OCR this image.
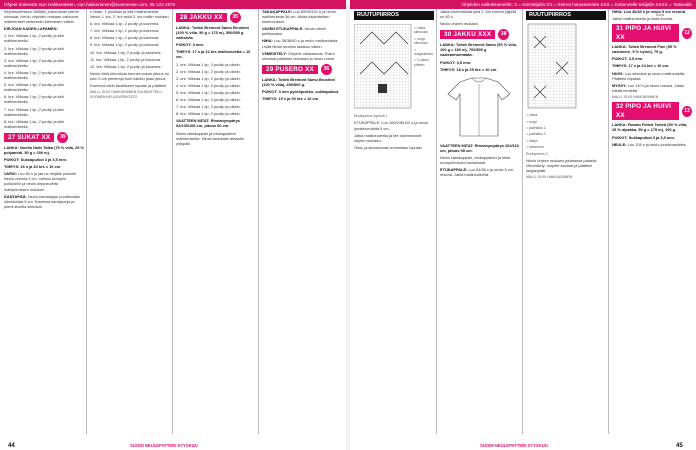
Ohjeet kokeesta Suri Hakkaraisten, suri.hakkarainen@suomenae.com, 05 123 1976	Ohjeiden selitoksumerkit: X = Kiertotijeliä XX = Kierrot harastamette XXX = Kokeneelle tekijälle XXXX = Taitavalle

Kirjoneuleeseen välilläsi, joista toiset pienet silmukat. Neulo ohjeiden mukaan vaihtuvat mallineuleet seitsemän kierroksen välein.

KIRJOAN KADEN LAPAMEN:

1. krs: Vilkkaa 1 kp, 2 puolip ja sitä mallineuleella.

2. krs: Vilkkaa 1 kp, 2 puolip ja sitä mallineuleella.

3. krs: Vilkkaa 1 kp, 2 puolip ja sitä mallineuleella.

4. krs: Vilkkaa 1 kp, 2 puolip ja sitä mallineuleella.

5. krs: Vilkkaa 1 kp, 2 puolip ja sitä mallineuleella.

6. krs: Vilkkaa 1 kp, 2 puolip ja sitä mallineuleella.

7. krs: Vilkkaa 1 kp, 2 puolip ja sitä mallineuleella.

8. krs: Vilkkaa 1 kp, 2 puolip ja sitä mallineuleella.

27 SUKAT XX	39

LANKA: Novita Nalle Taika (75 % villa, 25 % polyamidi, 50 g = 200 m).

PUIKOT: Sukkapuikot 3 ja 3,5 mm.

TIHEYS: 26 s ja 34 krs = 10 cm.

VARSI: Luo 60 s ja jaa ne neljälle puikolle. Neulo resoria 3 cm. Vaihda isompiin puikkoihin ja neulo kirjoneuletta mallipiirroksen mukaan.

KANTAPÄÄ: Neulo kantalappu puolikkaalla silmukoista 5 cm. Kavenna kantapohja ja poimi sivuilta silmukat.

s ilman, 1 puolikas ja sitä mallineuleella. Neulo 1. krs, 2. krs sekä 3. krs mallin mukaan.

6. krs: Vilkkaa 1 kp, 2 puolip ja kavenna.

7. krs: Vilkkaa 1 kp, 2 puolip ja kavenna.

8. krs: Vilkkaa 1 kp, 2 puolip ja kavenna.

9. krs: Vilkkaa 1 kp, 2 puolip ja kavenna.

10. krs: Vilkkaa 1 kp, 2 puolip ja kavenna.

11. krs: Vilkkaa 1 kp, 2 puolip ja kavenna.

12. krs: Vilkkaa 1 kp, 2 puolip ja kavenna.

Neulo vielä kierroksia kunnes sukan pituus on noin 5 cm pienempi kuin haluttu jalan pituus.

Kavenna kärki tavalliseen tapaan ja päättele.

MALLI: SUVI HAKKARAINEN SUUNNITTELU SUOMEN NEULEVERKOSTO

28 JAKKU XX	35

LANKA: Toltek Bremont Samu Brushed (100 % villa, 50 g = 175 m), 500/550 g valkoista.

PUIKOT: 3 mm.

TIHEYS: 17 s ja 22 krs mallineuletta = 10 cm.

1. krs: Vilkkaa 1 kp, 2 puolip ja oikein.

2. krs: Vilkkaa 1 kp, 2 puolip ja oikein.

3. krs: Vilkkaa 1 kp, 2 puolip ja oikein.

4. krs: Vilkkaa 1 kp, 2 puolip ja oikein.

5. krs: Vilkkaa 1 kp, 2 puolip ja oikein.

6. krs: Vilkkaa 1 kp, 2 puolip ja oikein.

7. krs: Vilkkaa 1 kp, 2 puolip ja oikein.

8. krs: Vilkkaa 1 kp, 2 puolip ja oikein.

VAATTEEN MITAT: Rinnanympärys 92/100/108 cm, pituus 60 cm.

Neulo takakappale ja etukappaleet mallineuleella. Hihat neulotaan alhaalta ylöspäin.

TAKAKAPPALE: Luo 89/95/101 s ja neulo mallineuletta 36 cm. Aloita kädenteiden kavennukset.

VASEN ETUKAPPALE: Neulo oikein peilikuvaksi.

HIHA: Luo 38/38/40 s ja neulo mallineuletta. Lisää hihan sivuihin tasaisin välein.

VIIMEISTELY: Ompele olkasaumat. Poimi silmukat pääntien reunasta ja neulo resori.

29 PUSERO XX	36

LANKA: Toltek Bremont Samu Brushed (100 % villa), 450/500 g.

PUIKOT: 3 mm pyöröpuikko, sukkapuikot.

TIHEYS: 15 s ja 30 krs = 10 cm.

SUOMI NEULEPATTERI SYYSKUU
44
RUUTUPIIRROS

= oikea silmukka

= nurja silmukka

= langankierto

= 2 oikein yhteen

Ruutupiirros pyöreä 1

ETUKAPPALE: Luo 100/106/112 s ja neulo joustinneuletta 5 cm.

Jatka mallineuleella ja tee kavennukset ohjeen mukaan.

Olka- ja sivusaumat ommellaan lopuksi.

Jatka kavennuksia joka 2. krs kunnes jäljellä on 60 s.

Neulo ohjeen mukaan.

30 JAKKU XXX	38

LANKA: Toltek Bremont Samu (50 % villa, 100 g = 180 m), 700/800 g vaaleanharmaata.

PUIKOT: 3,5 mm.

TIHEYS: 18 s ja 25 krs = 10 cm.

VAATTEEN MITAT: Rinnanympärys 102/110 cm, pituus 58 cm.

Neulo takakappale, etukappaleet ja hihat ruutupiirroksen mukaisesti.

ETUKAPPALE: Luo 54/58 s ja neulo 5 cm resoria. Jatka mallineuleella.

RUUTUPIIRROS

= oikea

= nurja

= palmikko 1

= palmikko 2

= lisäys

= kavennus

Ruutupiirros 2

Neulo ohjeen mukaan jokaisesta palasta. Viimeistely: ompele saumat ja päättele langanpäät.

MALLI: SUVI HAKKARAINEN

HIHA: Luo 30/30 s ja neulo 5 cm resoria.

Jatka mallineuleella ja lisää sivuilta.

31 PIPO JA HUIVI XX
12

LANKA: Toltek Bremont Fine (95 % cashmere, 5 % nylon), 75 g.

PUIKOT: 3,5 mm.

TIHEYS: 17 s ja 24 krs = 10 cm.

HUIVI: Luo silmukat ja neulo mallineuletta. Päättele löysästi.

MYSSY: Luo 110 s ja neulo resoria. Jatka sileää neuletta.

MALLI: SUVI HAKKARAINEN

32 PIPO JA HUIVI XX
13

LANKA: Rowan Felted Tweed (50 % villa, 25 % alpakka, 50 g = 175 m), 100 g.

PUIKOT: Sukkapuikot 3 ja 3,5 mm.

NEULE: Luo 104 s ja neulo joustinneuletta.

Kuva
SUOMI NEULEPATTERI SYYSKUU	45
